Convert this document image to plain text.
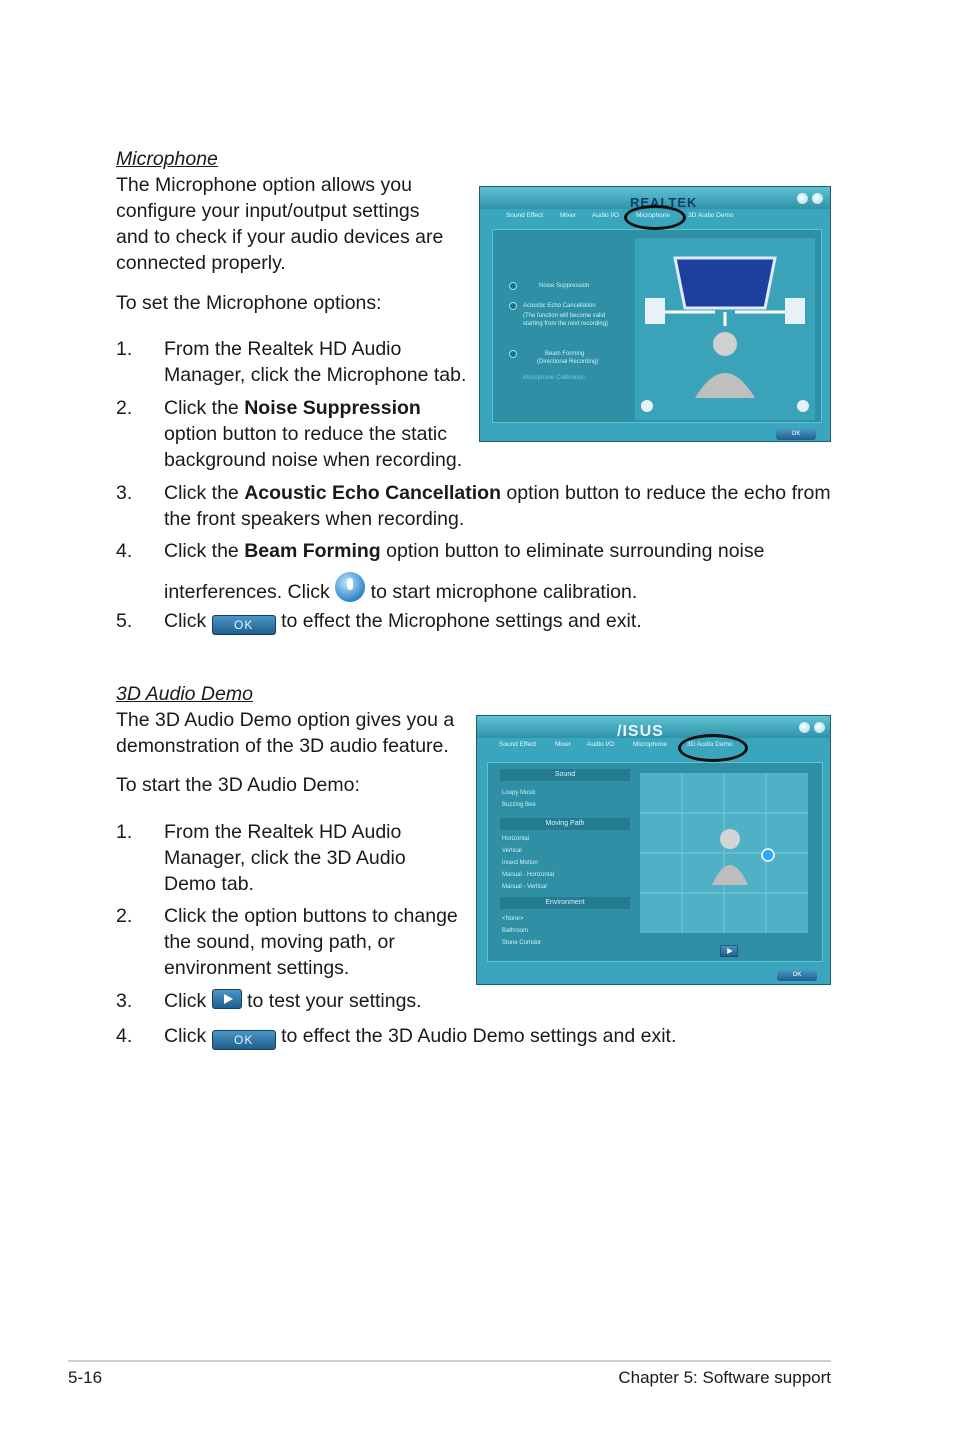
Microphone
The Microphone option allows you
configure your input/output settings
and to check if your audio devices are
connected properly.
To set the Microphone options:
1. From the Realtek HD Audio
Manager, click the Microphone tab.
2. Click the Noise Suppression
option button to reduce the static
background noise when recording.
3. Click the Acoustic Echo Cancellation option button to reduce the echo from
the front speakers when recording.
4. Click the Beam Forming option button to eliminate surrounding noise
interferences. Click  to start microphone calibration.
5. Click OK to effect the Microphone settings and exit.
REALTEK
Sound Effect	Mixer Audio I/O	Microphone	3D Audio Demo
Noise Suppression
Acoustic Echo Cancellation
(The function will become valid
starting from the next recording)
Beam Forming
(Directional Recording)
Microphone Calibration
OK
3D Audio Demo
The 3D Audio Demo option gives you a
demonstration of the 3D audio feature.
To start the 3D Audio Demo:
1. From the Realtek HD Audio
Manager, click the 3D Audio
Demo tab.
2. Click the option buttons to change
the sound, moving path, or
environment settings.
3. Click  to test your settings.
4. Click OK to effect the 3D Audio Demo settings and exit.
/ISUS
Sound Effect	Mixer Audio I/O	Microphone	3D Audio Demo
Sound
Loopy Music
Buzzing Bee
Moving Path
Horizontal
Vertical
Insect Motion
Manual - Horizontal
Manual - Vertical
Environment
<None>
Bathroom
Stone Corridor
OK
5-16	Chapter 5: Software support
